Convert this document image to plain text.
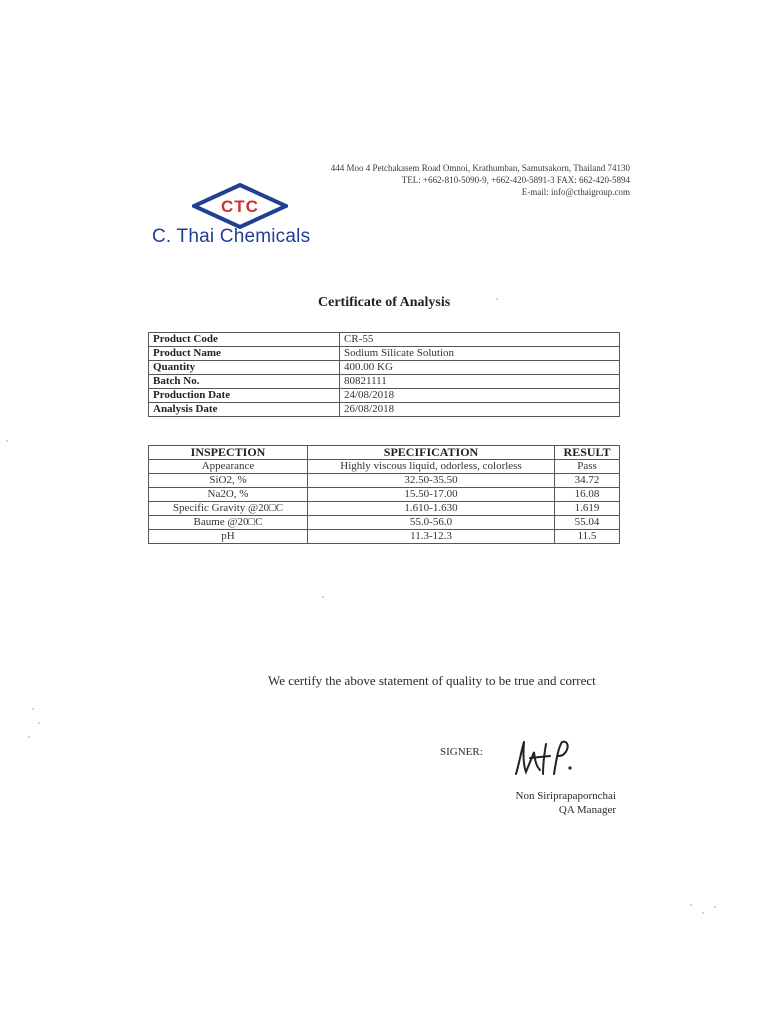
444 Moo 4 Petchakasem Road Omnoi, Krathumban, Samutsakorn, Thailand 74130
TEL: +662-810-5090-9, +662-420-5891-3 FAX: 662-420-5894
E-mail: info@cthaigroup.com
CTC
C. Thai Chemicals
Certificate of Analysis
Product Code	CR-55
Product Name	Sodium Silicate Solution
Quantity	400.00 KG
Batch No.	80821111
Production Date	24/08/2018
Analysis Date	26/08/2018
INSPECTION	SPECIFICATION	RESULT
Appearance	Highly viscous liquid, odorless, colorless	Pass
SiO2, %	32.50-35.50	34.72
Na2O, %	15.50-17.00	16.08
Specific Gravity @20□C	1.610-1.630	1.619
Baume @20□C	55.0-56.0	55.04
pH	11.3-12.3	11.5
We certify the above statement of quality to be true and correct
SIGNER:
Non Siriprapapornchai
QA Manager
